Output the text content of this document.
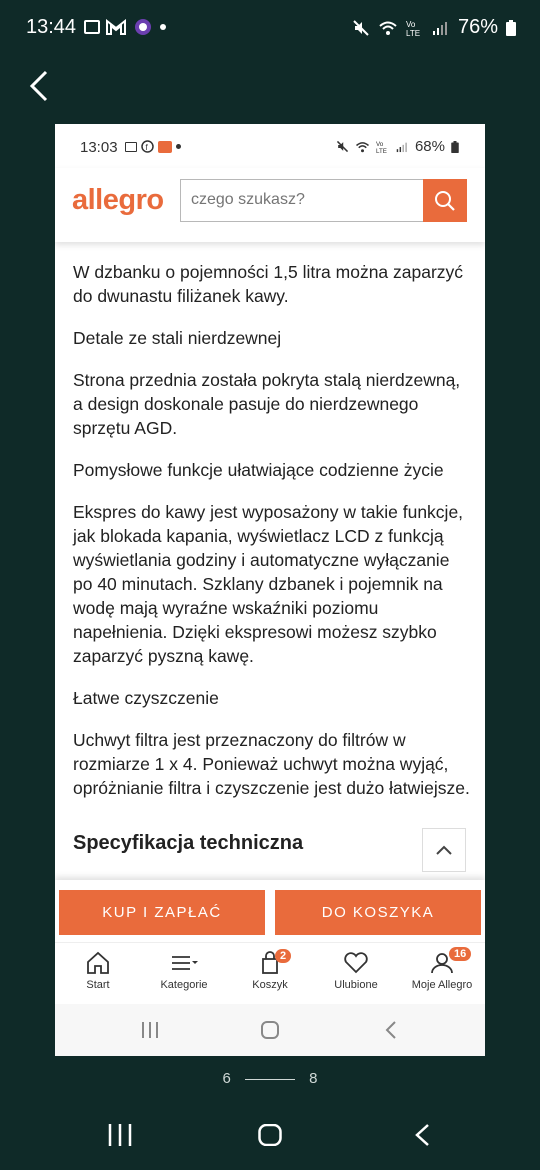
13:44	Vo
LTE 76%
13:03	f	Vo
LTE 68%
allegro	czego szukasz?

W dzbanku o pojemności 1,5 litra można zaparzyć do dwunastu filiżanek kawy.

Detale ze stali nierdzewnej

Strona przednia została pokryta stalą nierdzewną, a design doskonale pasuje do nierdzewnego sprzętu AGD.

Pomysłowe funkcje ułatwiające codzienne życie

Ekspres do kawy jest wyposażony w takie funkcje, jak blokada kapania, wyświetlacz LCD z funkcją wyświetlania godziny i automatyczne wyłączanie po 40 minutach. Szklany dzbanek i pojemnik na wodę mają wyraźne wskaźniki poziomu napełnienia. Dzięki ekspresowi możesz szybko zaparzyć pyszną kawę.

Łatwe czyszczenie

Uchwyt filtra jest przeznaczony do filtrów w rozmiarze 1 x 4. Ponieważ uchwyt można wyjąć, opróżnianie filtra i czyszczenie jest dużo łatwiejsze.

Specyfikacja techniczna
KUP I ZAPŁAĆ	DO KOSZYKA
Start	Kategorie	Koszyk
2
Ulubione	Moje Allegro
16
6	8
